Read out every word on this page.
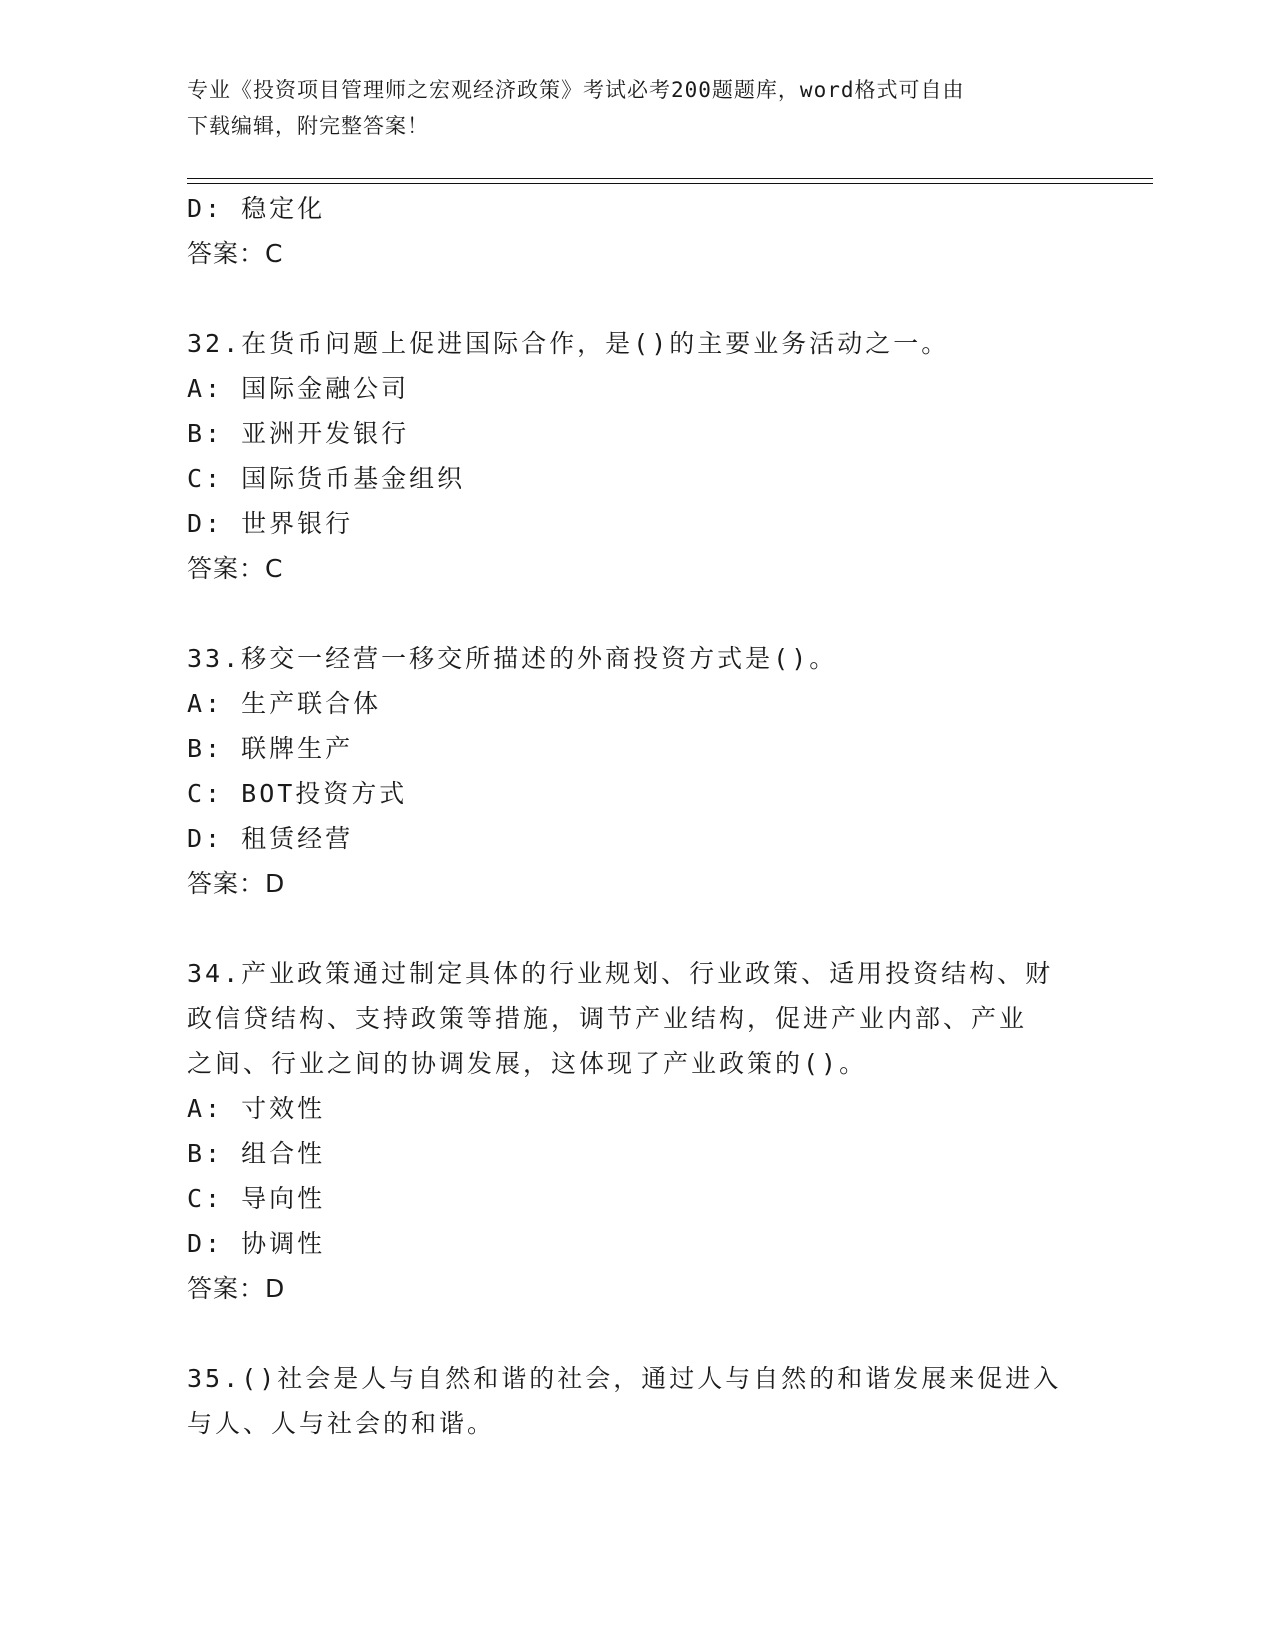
专业《投资项目管理师之宏观经济政策》考试必考200题题库，word格式可自由
下载编辑，附完整答案！
D: 稳定化
答案：C
32.在货币问题上促进国际合作，是()的主要业务活动之一。
A: 国际金融公司
B: 亚洲开发银行
C: 国际货币基金组织
D: 世界银行
答案：C
33.移交一经营一移交所描述的外商投资方式是()。
A: 生产联合体
B: 联牌生产
C: BOT投资方式
D: 租赁经营
答案：D
34.产业政策通过制定具体的行业规划、行业政策、适用投资结构、财
政信贷结构、支持政策等措施，调节产业结构，促进产业内部、产业
之间、行业之间的协调发展，这体现了产业政策的()。
A: 寸效性
B: 组合性
C: 导向性
D: 协调性
答案：D
35.()社会是人与自然和谐的社会，通过人与自然的和谐发展来促进入
与人、人与社会的和谐。
